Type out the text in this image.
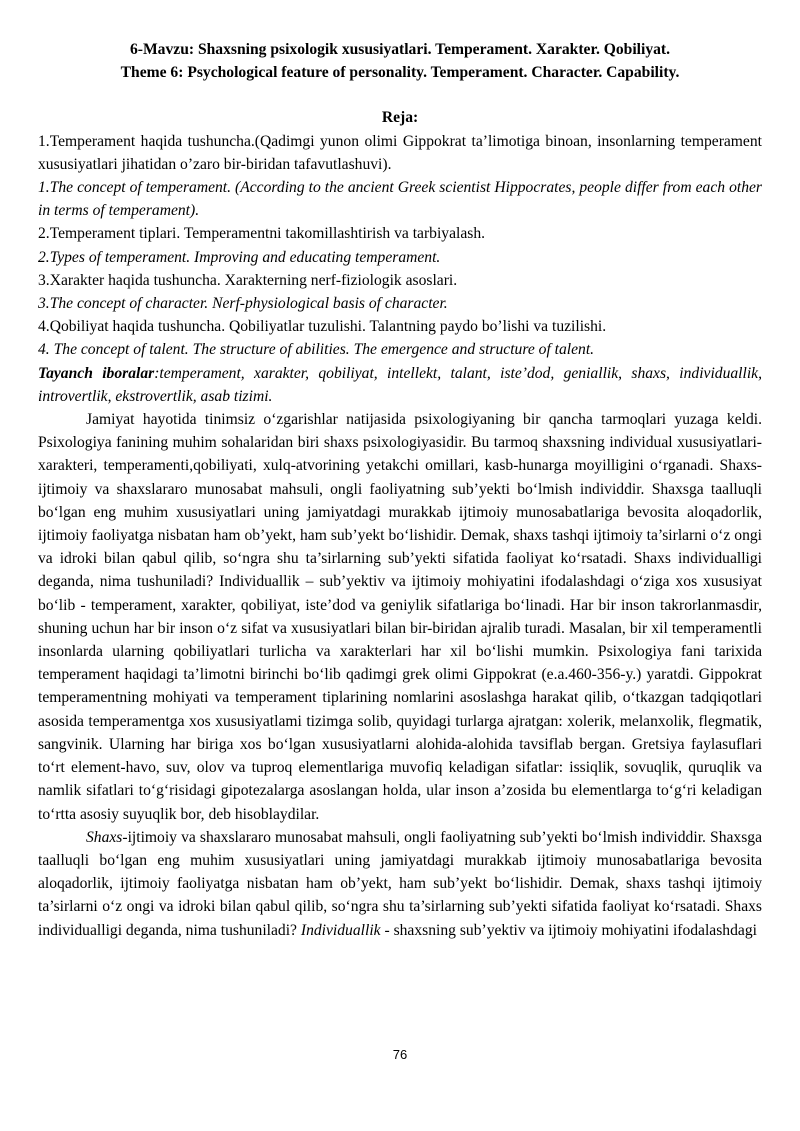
6-Mavzu: Shaxsning psixologik xususiyatlari. Temperament. Xarakter. Qobiliyat.

Theme 6: Psychological feature of personality. Temperament. Character. Capability.

Reja:

1.Temperament haqida tushuncha.(Qadimgi yunon olimi Gippokrat ta’limotiga binoan, insonlarning temperament xususiyatlari jihatidan o’zaro bir-biridan tafavutlashuvi).

1.The concept of temperament. (According to the ancient Greek scientist Hippocrates, people differ from each other in terms of temperament).

2.Temperament tiplari. Temperamentni takomillashtirish va tarbiyalash.

2.Types of temperament. Improving and educating temperament.

3.Xarakter haqida tushuncha. Xarakterning nerf-fiziologik asoslari.

3.The concept of character. Nerf-physiological basis of character.

4.Qobiliyat haqida tushuncha. Qobiliyatlar tuzulishi. Talantning paydo bo’lishi va tuzilishi.

4. The concept of talent. The structure of abilities. The emergence and structure of talent.

Tayanch iboralar:temperament, xarakter, qobiliyat, intellekt, talant, iste’dod, geniallik, shaxs, individuallik, introvertlik, ekstrovertlik, asab tizimi.

Jamiyat hayotida tinimsiz o‘zgarishlar natijasida psixologiyaning bir qancha tarmoqlari yuzaga keldi. Psixologiya fanining muhim sohalaridan biri shaxs psixologiyasidir. Bu tarmoq shaxsning individual xususiyatlari-xarakteri, temperamenti,qobiliyati, xulq-atvorining yetakchi omillari, kasb-hunarga moyilligini o‘rganadi. Shaxs-ijtimoiy va shaxslararo munosabat mahsuli, ongli faoliyatning sub’yekti bo‘lmish individdir. Shaxsga taalluqli bo‘lgan eng muhim xususiyatlari uning jamiyatdagi murakkab ijtimoiy munosabatlariga bevosita aloqadorlik, ijtimoiy faoliyatga nisbatan ham ob’yekt, ham sub’yekt bo‘lishidir. Demak, shaxs tashqi ijtimoiy ta’sirlarni o‘z ongi va idroki bilan qabul qilib, so‘ngra shu ta’sirlarning sub’yekti sifatida faoliyat ko‘rsatadi. Shaxs individualligi deganda, nima tushuniladi? Individuallik – sub’yektiv va ijtimoiy mohiyatini ifodalashdagi o‘ziga xos xususiyat bo‘lib - temperament, xarakter, qobiliyat, iste’dod va geniylik sifatlariga bo‘linadi. Har bir inson takrorlanmasdir, shuning uchun har bir inson o‘z sifat va xususiyatlari bilan bir-biridan ajralib turadi. Masalan, bir xil temperamentli insonlarda ularning qobiliyatlari turlicha va xarakterlari har xil bo‘lishi mumkin. Psixologiya fani tarixida temperament haqidagi ta’limotni birinchi bo‘lib qadimgi grek olimi Gippokrat (e.a.460-356-y.) yaratdi. Gippokrat temperamentning mohiyati va temperament tiplarining nomlarini asoslashga harakat qilib, o‘tkazgan tadqiqotlari asosida temperamentga xos xususiyatlami tizimga solib, quyidagi turlarga ajratgan: xolerik, melanxolik, flegmatik, sangvinik. Ularning har biriga xos bo‘lgan xususiyatlarni alohida-alohida tavsiflab bergan. Gretsiya faylasuflari to‘rt element-havo, suv, olov va tuproq elementlariga muvofiq keladigan sifatlar: issiqlik, sovuqlik, quruqlik va namlik sifatlari to‘g‘risidagi gipotezalarga asoslangan holda, ular inson a’zosida bu elementlarga to‘g‘ri keladigan to‘rtta asosiy suyuqlik bor, deb hisoblaydilar.

Shaxs-ijtimoiy va shaxslararo munosabat mahsuli, ongli faoliyatning sub’yekti bo‘lmish individdir. Shaxsga taalluqli bo‘lgan eng muhim xususiyatlari uning jamiyatdagi murakkab ijtimoiy munosabatlariga bevosita aloqadorlik, ijtimoiy faoliyatga nisbatan ham ob’yekt, ham sub’yekt bo‘lishidir. Demak, shaxs tashqi ijtimoiy ta’sirlarni o‘z ongi va idroki bilan qabul qilib, so‘ngra shu ta’sirlarning sub’yekti sifatida faoliyat ko‘rsatadi. Shaxs individualligi deganda, nima tushuniladi? Individuallik - shaxsning sub’yektiv va ijtimoiy mohiyatini ifodalashdagi

76
